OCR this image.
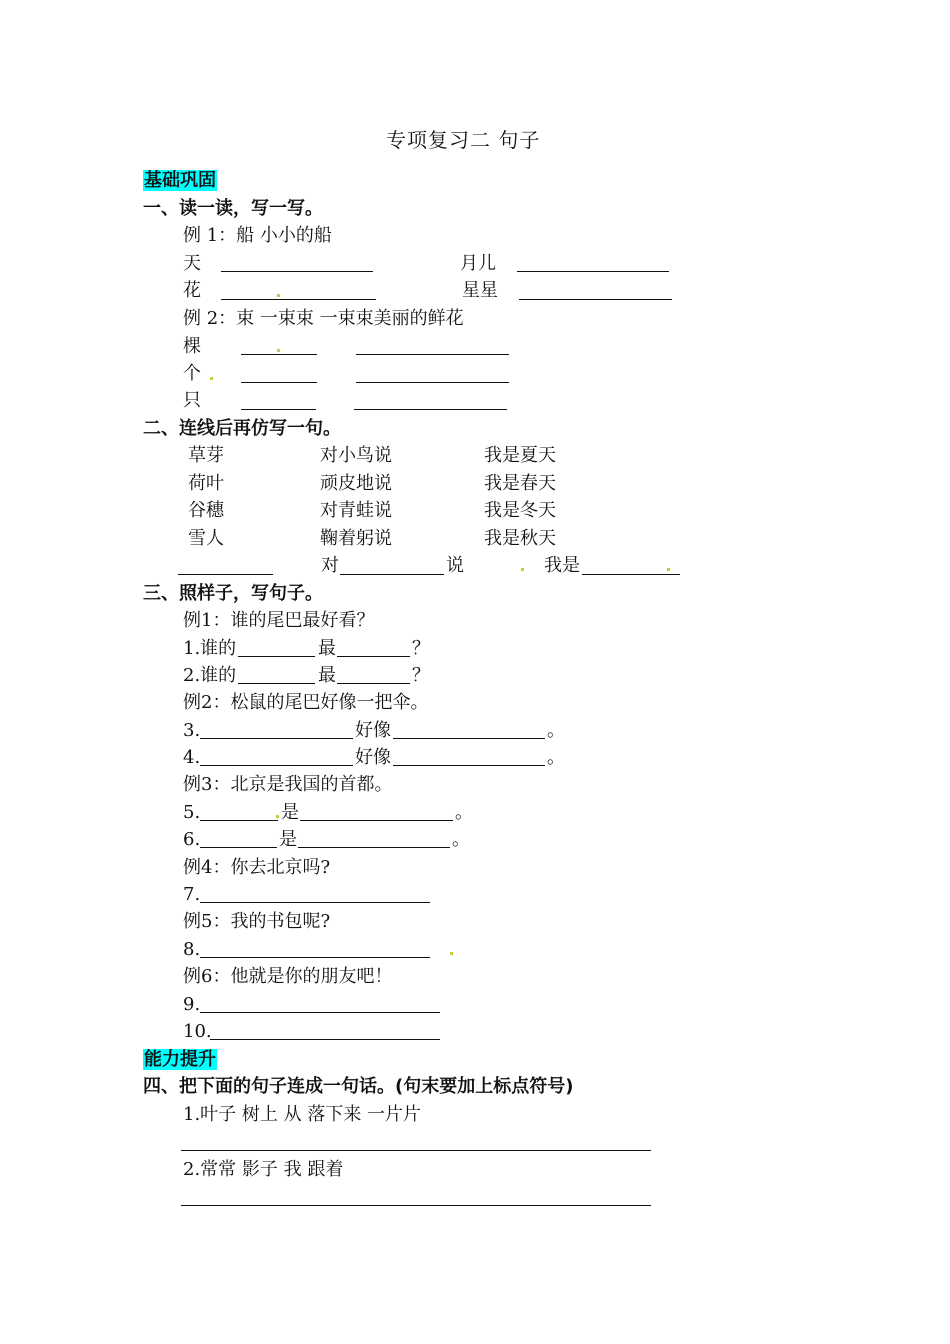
专项复习二 句子
基础巩固
一、读一读，写一写。
例 1：船 小小的船
天	月儿
花	星星
例 2：束 一束束 一束束美丽的鲜花
棵
个
只
二、连线后再仿写一句。
草芽	对小鸟说	我是夏天
荷叶	顽皮地说	我是春天
谷穗	对青蛙说	我是冬天
雪人	鞠着躬说	我是秋天
对	说	我是
三、照样子，写句子。
例1：谁的尾巴最好看？
1.谁的	最	？
2.谁的	最	？
例2：松鼠的尾巴好像一把伞。
3.	好像	。
4.	好像	。
例3：北京是我国的首都。
5.	是	。
6.	是	。
例4：你去北京吗?
7.
例5：我的书包呢?
8.
例6：他就是你的朋友吧！
9.
10.
能力提升
四、把下面的句子连成一句话。(句末要加上标点符号)
1.叶子 树上 从 落下来 一片片
2.常常 影子 我 跟着
